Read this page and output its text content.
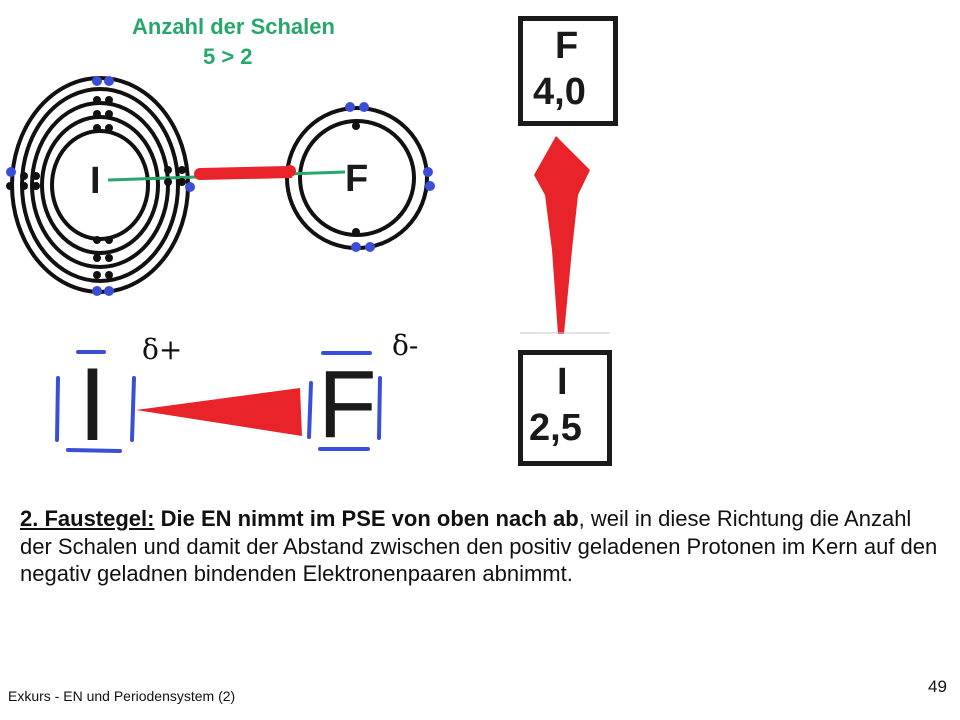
Anzahl der Schalen
5 > 2
I	F
δ+	δ-
I F
F
4,0
I
2,5
2. Faustegel: Die EN nimmt im PSE von oben nach ab, weil in diese Richtung die Anzahl der Schalen und damit der Abstand zwischen den positiv geladenen Protonen im Kern auf den negativ geladnen bindenden Elektronenpaaren abnimmt.
Exkurs - EN und Periodensystem (2)	49
